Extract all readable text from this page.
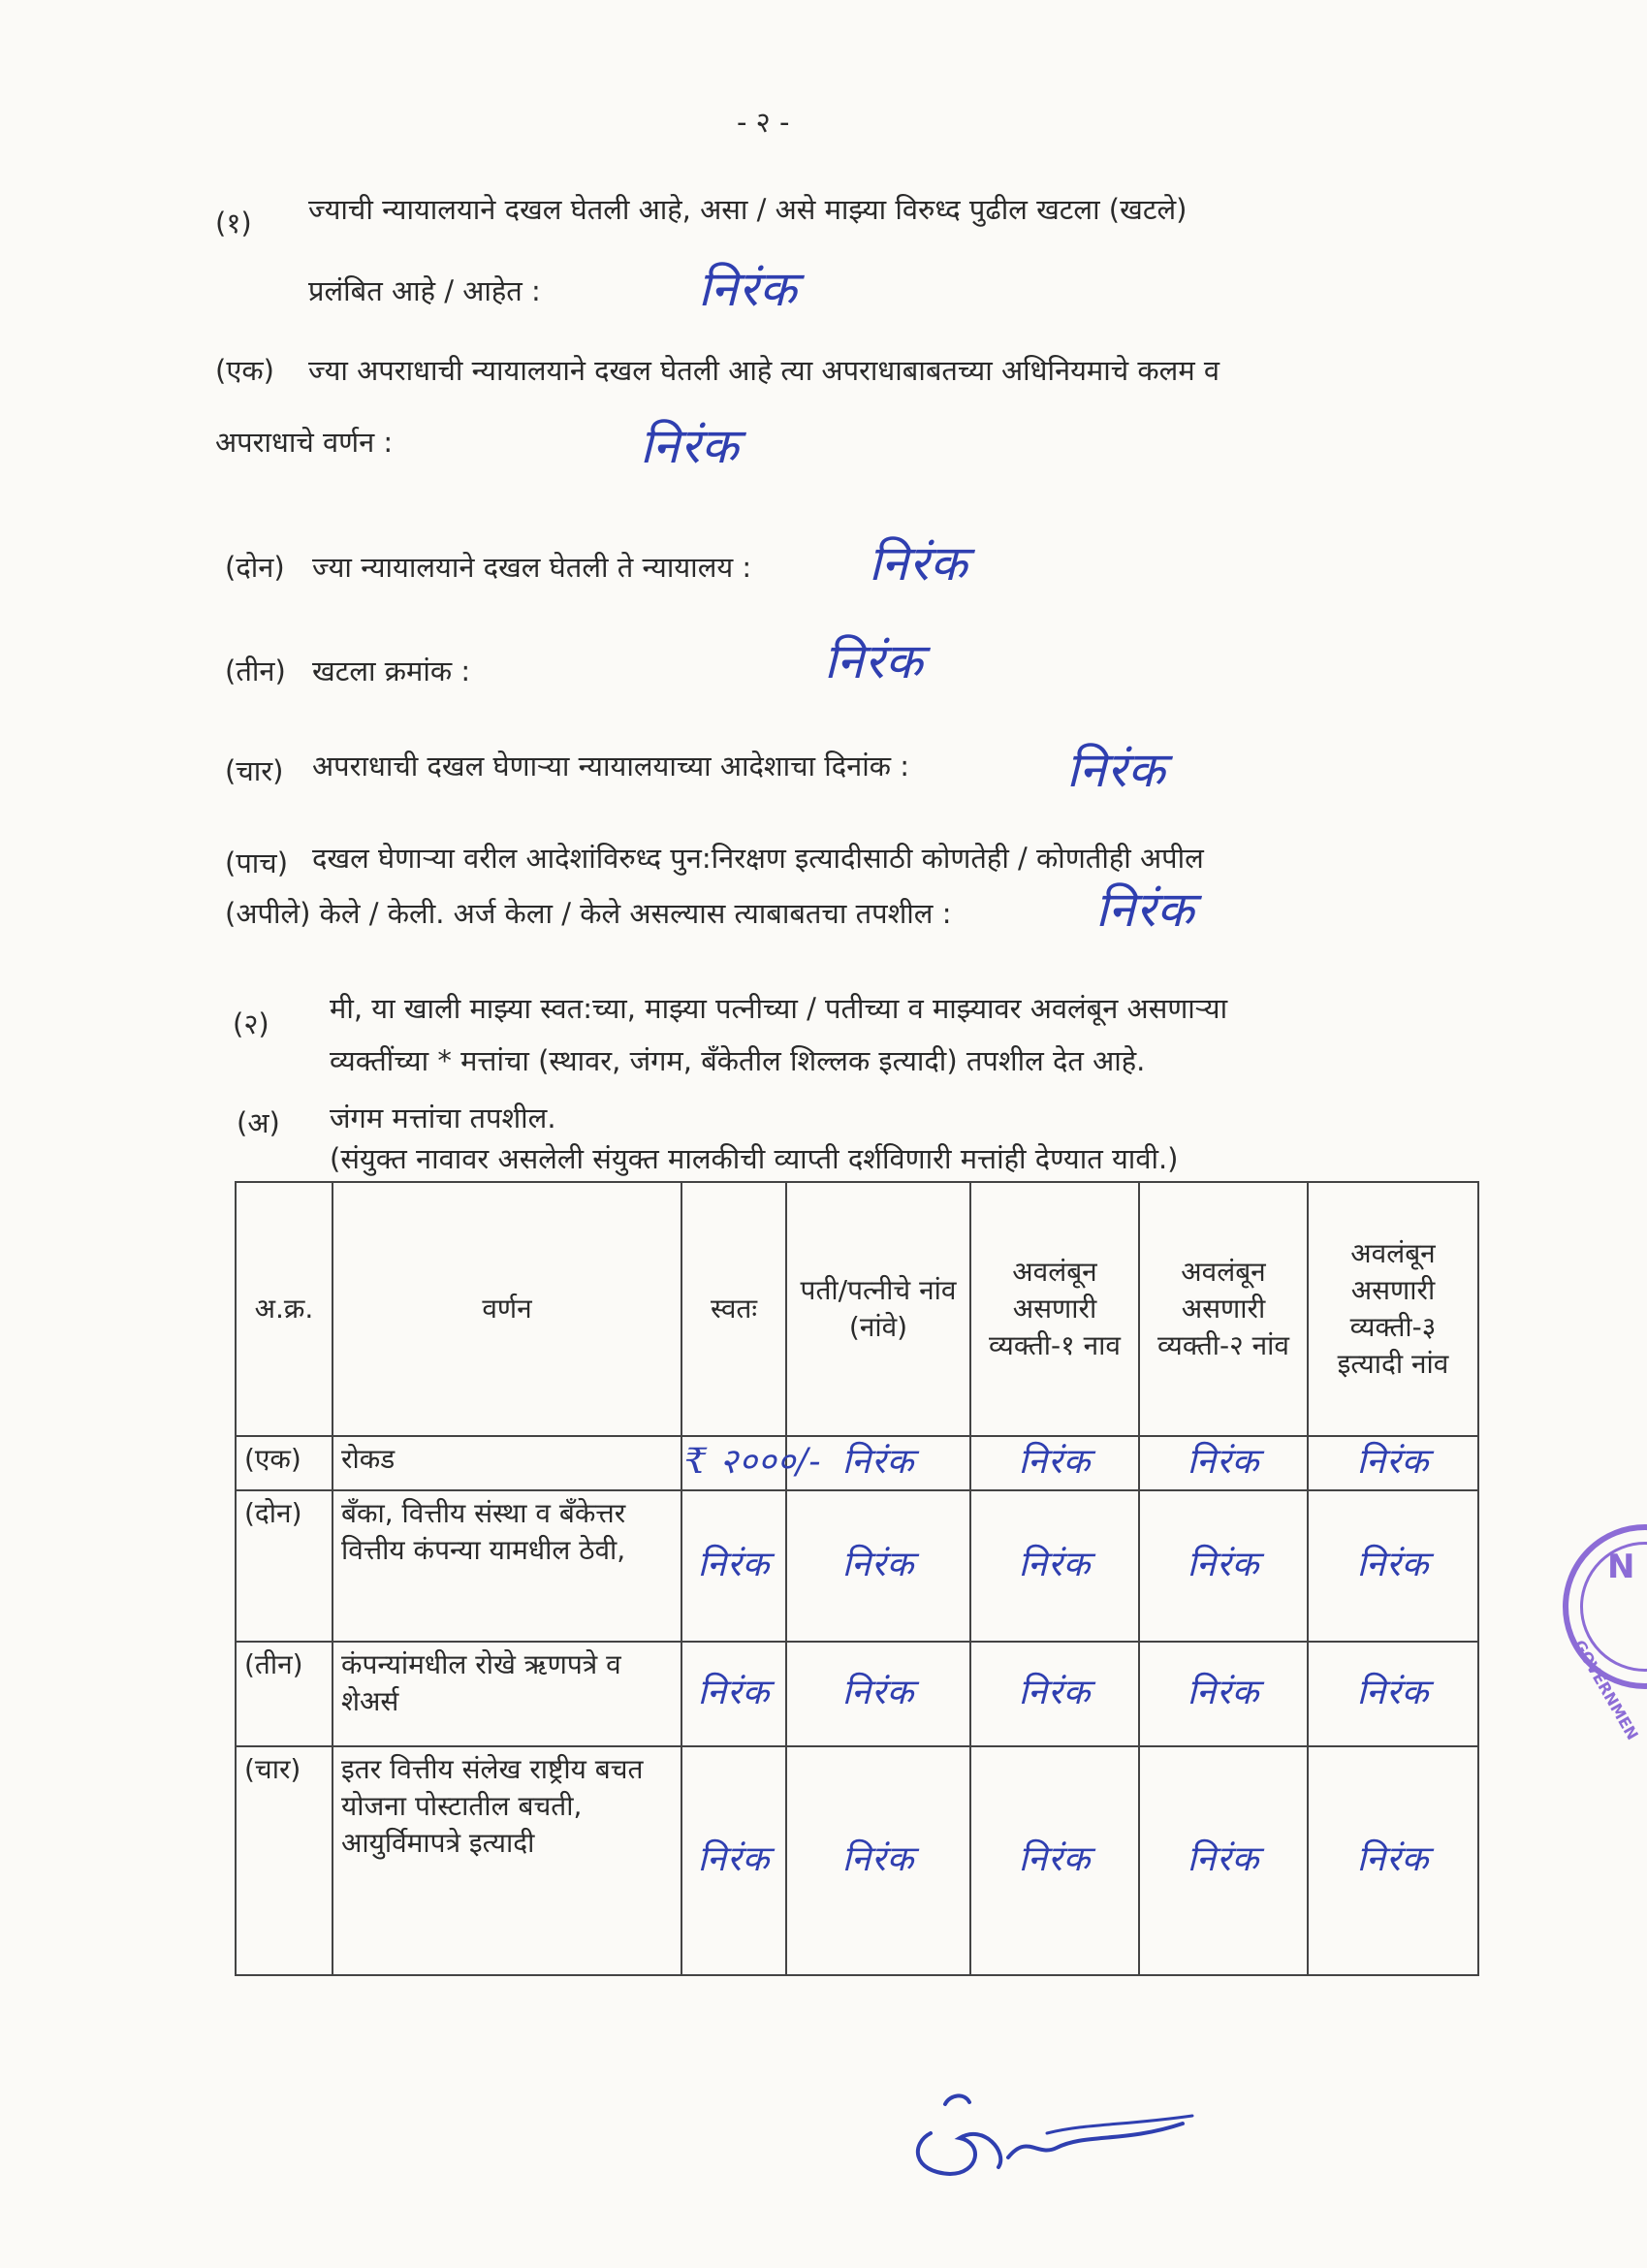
- २ -
(१) ज्याची न्यायालयाने दखल घेतली आहे, असा / असे माझ्या विरुध्द पुढील खटला (खटले)
प्रलंबित आहे / आहेत :	निरंक
(एक) ज्या अपराधाची न्यायालयाने दखल घेतली आहे त्या अपराधाबाबतच्या अधिनियमाचे कलम व
अपराधाचे वर्णन :	निरंक
(दोन) ज्या न्यायालयाने दखल घेतली ते न्यायालय : निरंक
(तीन) खटला क्रमांक :	निरंक
(चार) अपराधाची दखल घेणाऱ्या न्यायालयाच्या आदेशाचा दिनांक :	निरंक
(पाच) दखल घेणाऱ्या वरील आदेशांविरुध्द पुन:निरक्षण इत्यादीसाठी कोणतेही / कोणतीही अपील
(अपीले) केले / केली. अर्ज केला / केले असल्यास त्याबाबतचा तपशील :	निरंक
(२) मी, या खाली माझ्या स्वत:च्या, माझ्या पत्नीच्या / पतीच्या व माझ्यावर अवलंबून असणाऱ्या
व्यक्तींच्या * मत्तांचा (स्थावर, जंगम, बँकेतील शिल्लक इत्यादी) तपशील देत आहे.
(अ) जंगम मत्तांचा तपशील.
(संयुक्त नावावर असलेली संयुक्त मालकीची व्याप्ती दर्शविणारी मत्तांही देण्यात यावी.)
अ.क्र.	वर्णन	स्वतः	पती/पत्नीचे नांव (नांवे)	अवलंबून असणारी व्यक्ती-१ नाव	अवलंबून असणारी व्यक्ती-२ नांव	अवलंबून असणारी व्यक्ती-३ इत्यादी नांव
(एक)	रोकड	₹ २०००/-	निरंक	निरंक	निरंक	निरंक
(दोन)	बँका, वित्तीय संस्था व बँकेत्तर वित्तीय कंपन्या यामधील ठेवी,	निरंक	निरंक	निरंक	निरंक	निरंक
(तीन)	कंपन्यांमधील रोखे ऋणपत्रे व शेअर्स	निरंक	निरंक	निरंक	निरंक	निरंक
(चार)	इतर वित्तीय संलेख राष्ट्रीय बचत योजना पोस्टातील बचती, आयुर्विमापत्रे इत्यादी	निरंक	निरंक	निरंक	निरंक	निरंक
N
GOVERNMEN
